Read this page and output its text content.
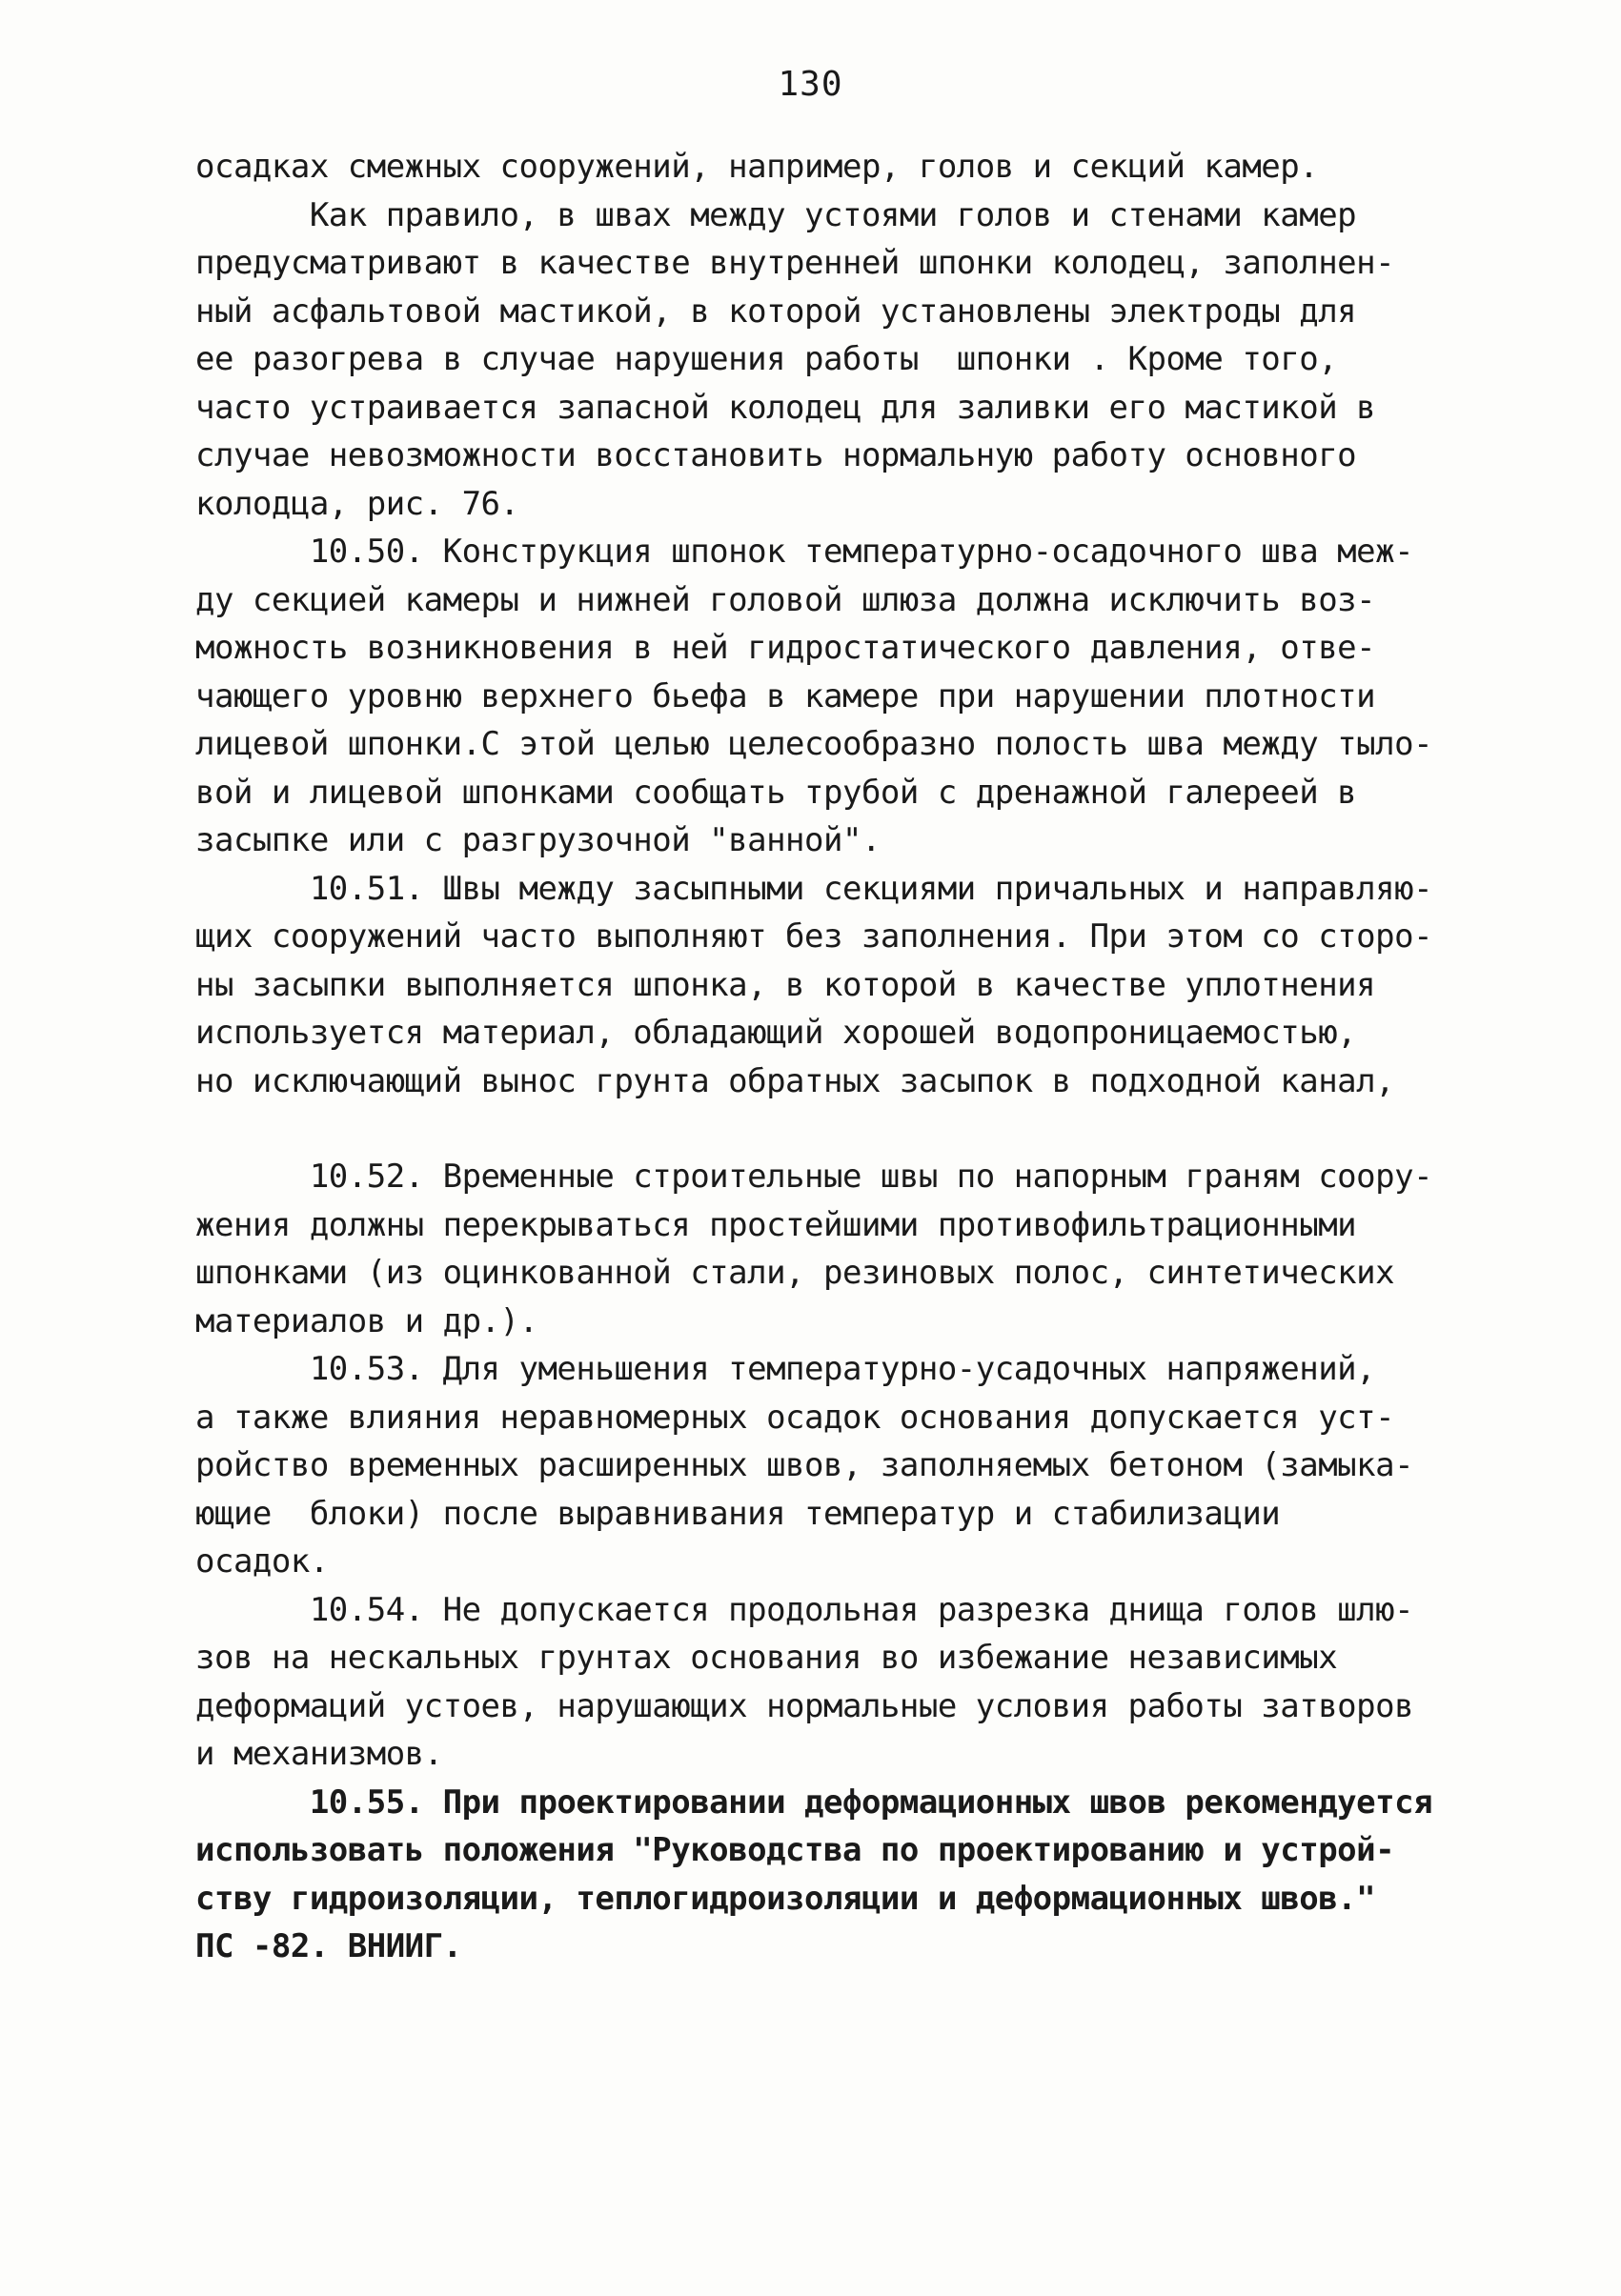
130
осадках смежных сооружений, например, голов и секций камер.
Как правило, в швах между устоями голов и стенами камер
предусматривают в качестве внутренней шпонки колодец, заполнен-
ный асфальтовой мастикой, в которой установлены электроды для
ее разогрева в случае нарушения работы  шпонки . Кроме того,
часто устраивается запасной колодец для заливки его мастикой в
случае невозможности восстановить нормальную работу основного
колодца, рис. 76.
10.50. Конструкция шпонок температурно-осадочного шва меж-
ду секцией камеры и нижней головой шлюза должна исключить воз-
можность возникновения в ней гидростатического давления, отве-
чающего уровню верхнего бьефа в камере при нарушении плотности
лицевой шпонки.С этой целью целесообразно полость шва между тыло-
вой и лицевой шпонками сообщать трубой с дренажной галереей в
засыпке или с разгрузочной "ванной".
10.51. Швы между засыпными секциями причальных и направляю-
щих сооружений часто выполняют без заполнения. При этом со сторо-
ны засыпки выполняется шпонка, в которой в качестве уплотнения
используется материал, обладающий хорошей водопроницаемостью,
но исключающий вынос грунта обратных засыпок в подходной канал,
10.52. Временные строительные швы по напорным граням соору-
жения должны перекрываться простейшими противофильтрационными
шпонками (из оцинкованной стали, резиновых полос, синтетических
материалов и др.).
10.53. Для уменьшения температурно-усадочных напряжений,
а также влияния неравномерных осадок основания допускается уст-
ройство временных расширенных швов, заполняемых бетоном (замыка-
ющие  блоки) после выравнивания температур и стабилизации
осадок.
10.54. Не допускается продольная разрезка днища голов шлю-
зов на нескальных грунтах основания во избежание независимых
деформаций устоев, нарушающих нормальные условия работы затворов
и механизмов.
10.55. При проектировании деформационных швов рекомендуется
использовать положения "Руководства по проектированию и устрой-
ству гидроизоляции, теплогидроизоляции и деформационных швов."
ПС -82. ВНИИГ.
